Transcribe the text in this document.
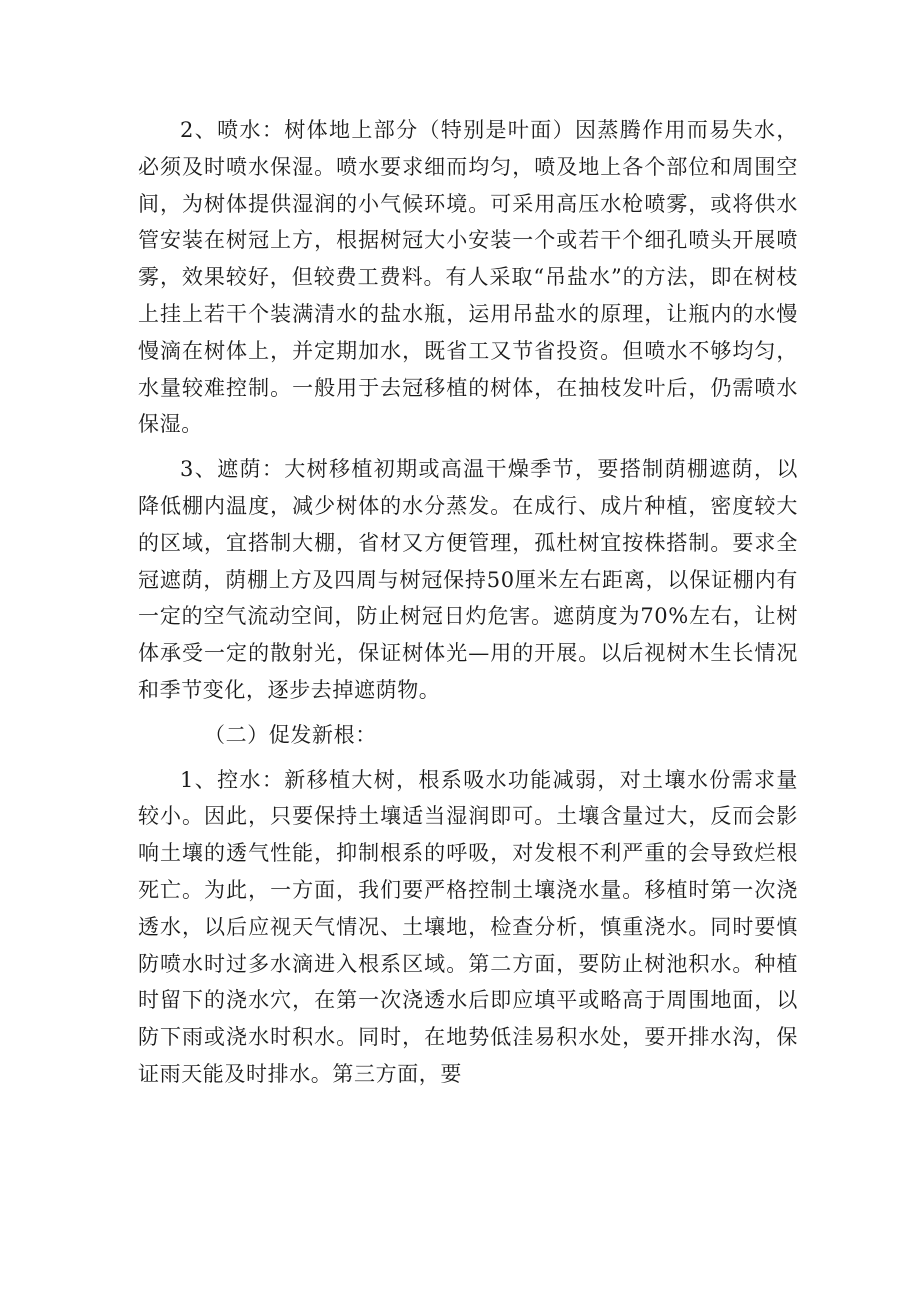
2、喷水：树体地上部分（特别是叶面）因蒸腾作用而易失水，必须及时喷水保湿。喷水要求细而均匀，喷及地上各个部位和周围空间，为树体提供湿润的小气候环境。可采用高压水枪喷雾，或将供水管安装在树冠上方，根据树冠大小安装一个或若干个细孔喷头开展喷雾，效果较好，但较费工费料。有人采取“吊盐水”的方法，即在树枝上挂上若干个装满清水的盐水瓶，运用吊盐水的原理，让瓶内的水慢慢滴在树体上，并定期加水，既省工又节省投资。但喷水不够均匀，水量较难控制。一般用于去冠移植的树体，在抽枝发叶后，仍需喷水保湿。

3、遮荫：大树移植初期或高温干燥季节，要搭制荫棚遮荫，以降低棚内温度，减少树体的水分蒸发。在成行、成片种植，密度较大的区域，宜搭制大棚，省材又方便管理，孤杜树宜按株搭制。要求全冠遮荫，荫棚上方及四周与树冠保持50厘米左右距离，以保证棚内有一定的空气流动空间，防止树冠日灼危害。遮荫度为70%左右，让树体承受一定的散射光，保证树体光—用的开展。以后视树木生长情况和季节变化，逐步去掉遮荫物。

（二）促发新根：

1、控水：新移植大树，根系吸水功能减弱，对土壤水份需求量较小。因此，只要保持土壤适当湿润即可。土壤含量过大，反而会影响土壤的透气性能，抑制根系的呼吸，对发根不利严重的会导致烂根死亡。为此，一方面，我们要严格控制土壤浇水量。移植时第一次浇透水，以后应视天气情况、土壤地，检查分析，慎重浇水。同时要慎防喷水时过多水滴进入根系区域。第二方面，要防止树池积水。种植时留下的浇水穴，在第一次浇透水后即应填平或略高于周围地面，以防下雨或浇水时积水。同时，在地势低洼易积水处，要开排水沟，保证雨天能及时排水。第三方面，要
